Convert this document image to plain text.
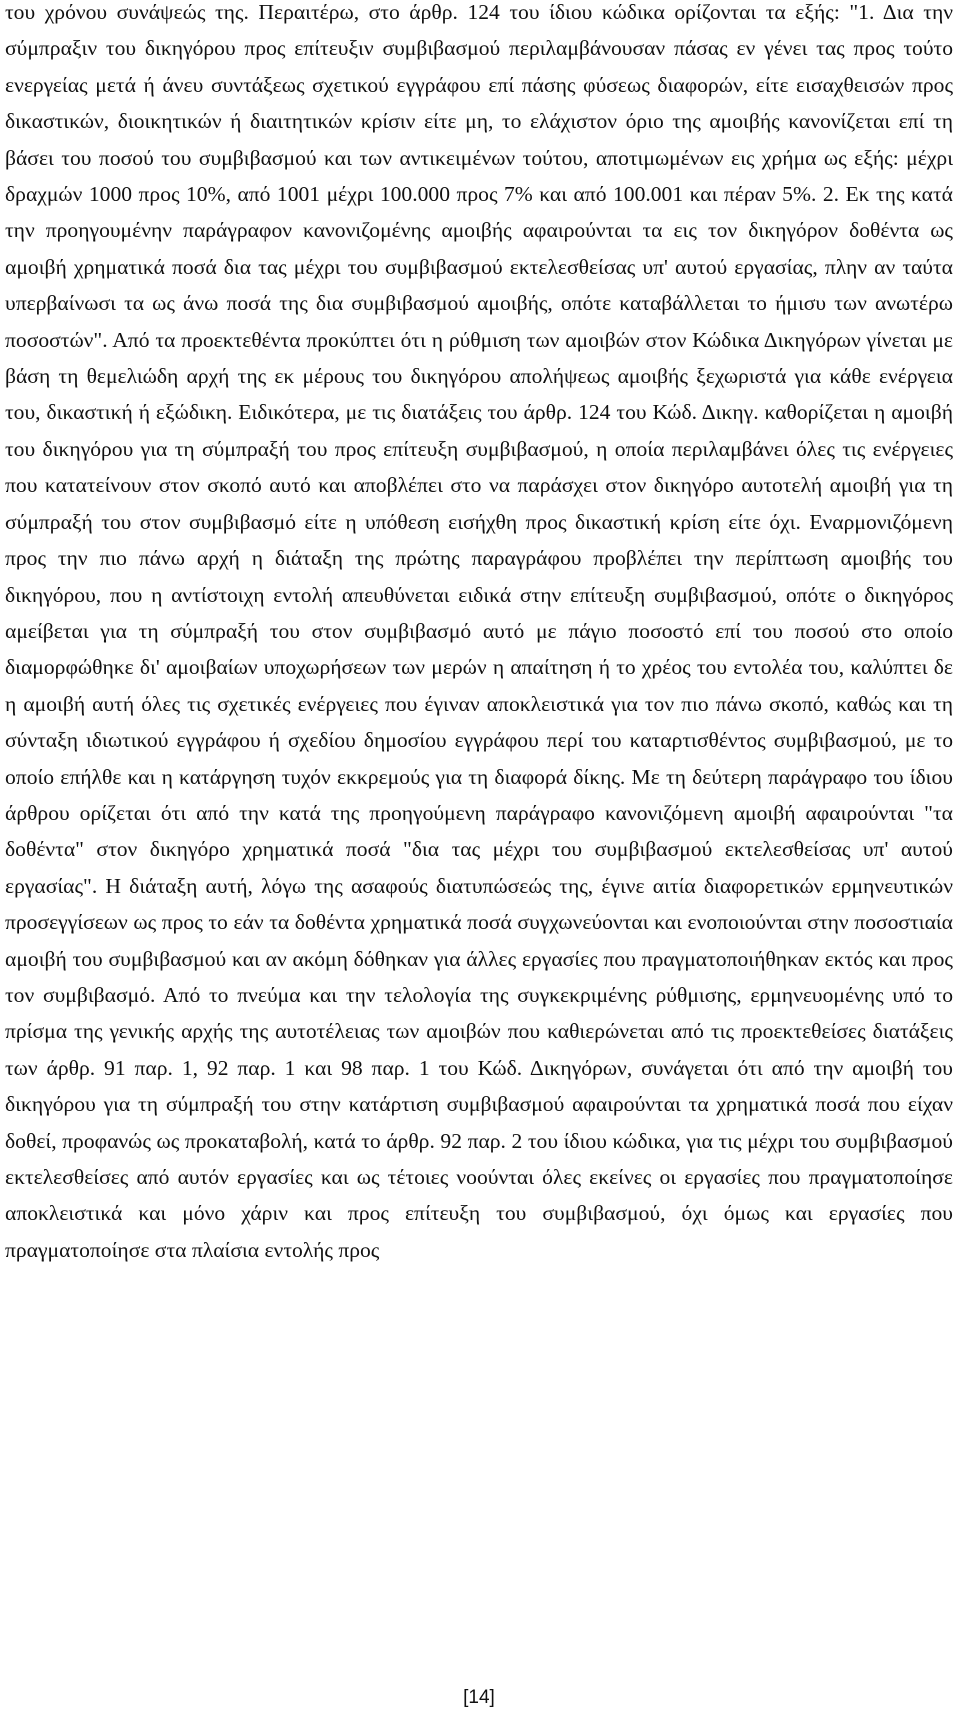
του χρόνου συνάψεώς της. Περαιτέρω, στο άρθρ. 124 του ίδιου κώδικα ορίζονται τα εξής: "1. Δια την σύμπραξιν του δικηγόρου προς επίτευξιν συμβιβασμού περιλαμβάνουσαν πάσας εν γένει τας προς τούτο ενεργείας μετά ή άνευ συντάξεως σχετικού εγγράφου επί πάσης φύσεως διαφορών, είτε εισαχθεισών προς δικαστικών, διοικητικών ή διαιτητικών κρίσιν είτε μη, το ελάχιστον όριο της αμοιβής κανονίζεται επί τη βάσει του ποσού του συμβιβασμού και των αντικειμένων τούτου, αποτιμωμένων εις χρήμα ως εξής: μέχρι δραχμών 1000 προς 10%, από 1001 μέχρι 100.000 προς 7% και από 100.001 και πέραν 5%. 2. Εκ της κατά την προηγουμένην παράγραφον κανονιζομένης αμοιβής αφαιρούνται τα εις τον δικηγόρον δοθέντα ως αμοιβή χρηματικά ποσά δια τας μέχρι του συμβιβασμού εκτελεσθείσας υπ' αυτού εργασίας, πλην αν ταύτα υπερβαίνωσι τα ως άνω ποσά της δια συμβιβασμού αμοιβής, οπότε καταβάλλεται το ήμισυ των ανωτέρω ποσοστών". Από τα προεκτεθέντα προκύπτει ότι η ρύθμιση των αμοιβών στον Κώδικα Δικηγόρων γίνεται με βάση τη θεμελιώδη αρχή της εκ μέρους του δικηγόρου απολήψεως αμοιβής ξεχωριστά για κάθε ενέργεια του, δικαστική ή εξώδικη. Ειδικότερα, με τις διατάξεις του άρθρ. 124 του Κώδ. Δικηγ. καθορίζεται η αμοιβή του δικηγόρου για τη σύμπραξή του προς επίτευξη συμβιβασμού, η οποία περιλαμβάνει όλες τις ενέργειες που κατατείνουν στον σκοπό αυτό και αποβλέπει στο να παράσχει στον δικηγόρο αυτοτελή αμοιβή για τη σύμπραξή του στον συμβιβασμό είτε η υπόθεση εισήχθη προς δικαστική κρίση είτε όχι. Εναρμονιζόμενη προς την πιο πάνω αρχή η διάταξη της πρώτης παραγράφου προβλέπει την περίπτωση αμοιβής του δικηγόρου, που η αντίστοιχη εντολή απευθύνεται ειδικά στην επίτευξη συμβιβασμού, οπότε ο δικηγόρος αμείβεται για τη σύμπραξή του στον συμβιβασμό αυτό με πάγιο ποσοστό επί του ποσού στο οποίο διαμορφώθηκε δι' αμοιβαίων υποχωρήσεων των μερών η απαίτηση ή το χρέος του εντολέα του, καλύπτει δε η αμοιβή αυτή όλες τις σχετικές ενέργειες που έγιναν αποκλειστικά για τον πιο πάνω σκοπό, καθώς και τη σύνταξη ιδιωτικού εγγράφου ή σχεδίου δημοσίου εγγράφου περί του καταρτισθέντος συμβιβασμού, με το οποίο επήλθε και η κατάργηση τυχόν εκκρεμούς για τη διαφορά δίκης. Με τη δεύτερη παράγραφο του ίδιου άρθρου ορίζεται ότι από την κατά της προηγούμενη παράγραφο κανονιζόμενη αμοιβή αφαιρούνται "τα δοθέντα" στον δικηγόρο χρηματικά ποσά "δια τας μέχρι του συμβιβασμού εκτελεσθείσας υπ' αυτού εργασίας". Η διάταξη αυτή, λόγω της ασαφούς διατυπώσεώς της, έγινε αιτία διαφορετικών ερμηνευτικών προσεγγίσεων ως προς το εάν τα δοθέντα χρηματικά ποσά συγχωνεύονται και ενοποιούνται στην ποσοστιαία αμοιβή του συμβιβασμού και αν ακόμη δόθηκαν για άλλες εργασίες που πραγματοποιήθηκαν εκτός και προς τον συμβιβασμό. Από το πνεύμα και την τελολογία της συγκεκριμένης ρύθμισης, ερμηνευομένης υπό το πρίσμα της γενικής αρχής της αυτοτέλειας των αμοιβών που καθιερώνεται από τις προεκτεθείσες διατάξεις των άρθρ. 91 παρ. 1, 92 παρ. 1 και 98 παρ. 1 του Κώδ. Δικηγόρων, συνάγεται ότι από την αμοιβή του δικηγόρου για τη σύμπραξή του στην κατάρτιση συμβιβασμού αφαιρούνται τα χρηματικά ποσά που είχαν δοθεί, προφανώς ως προκαταβολή, κατά το άρθρ. 92 παρ. 2 του ίδιου κώδικα, για τις μέχρι του συμβιβασμού εκτελεσθείσες από αυτόν εργασίες και ως τέτοιες νοούνται όλες εκείνες οι εργασίες που πραγματοποίησε αποκλειστικά και μόνο χάριν και προς επίτευξη του συμβιβασμού, όχι όμως και εργασίες που πραγματοποίησε στα πλαίσια εντολής προς

[14]
